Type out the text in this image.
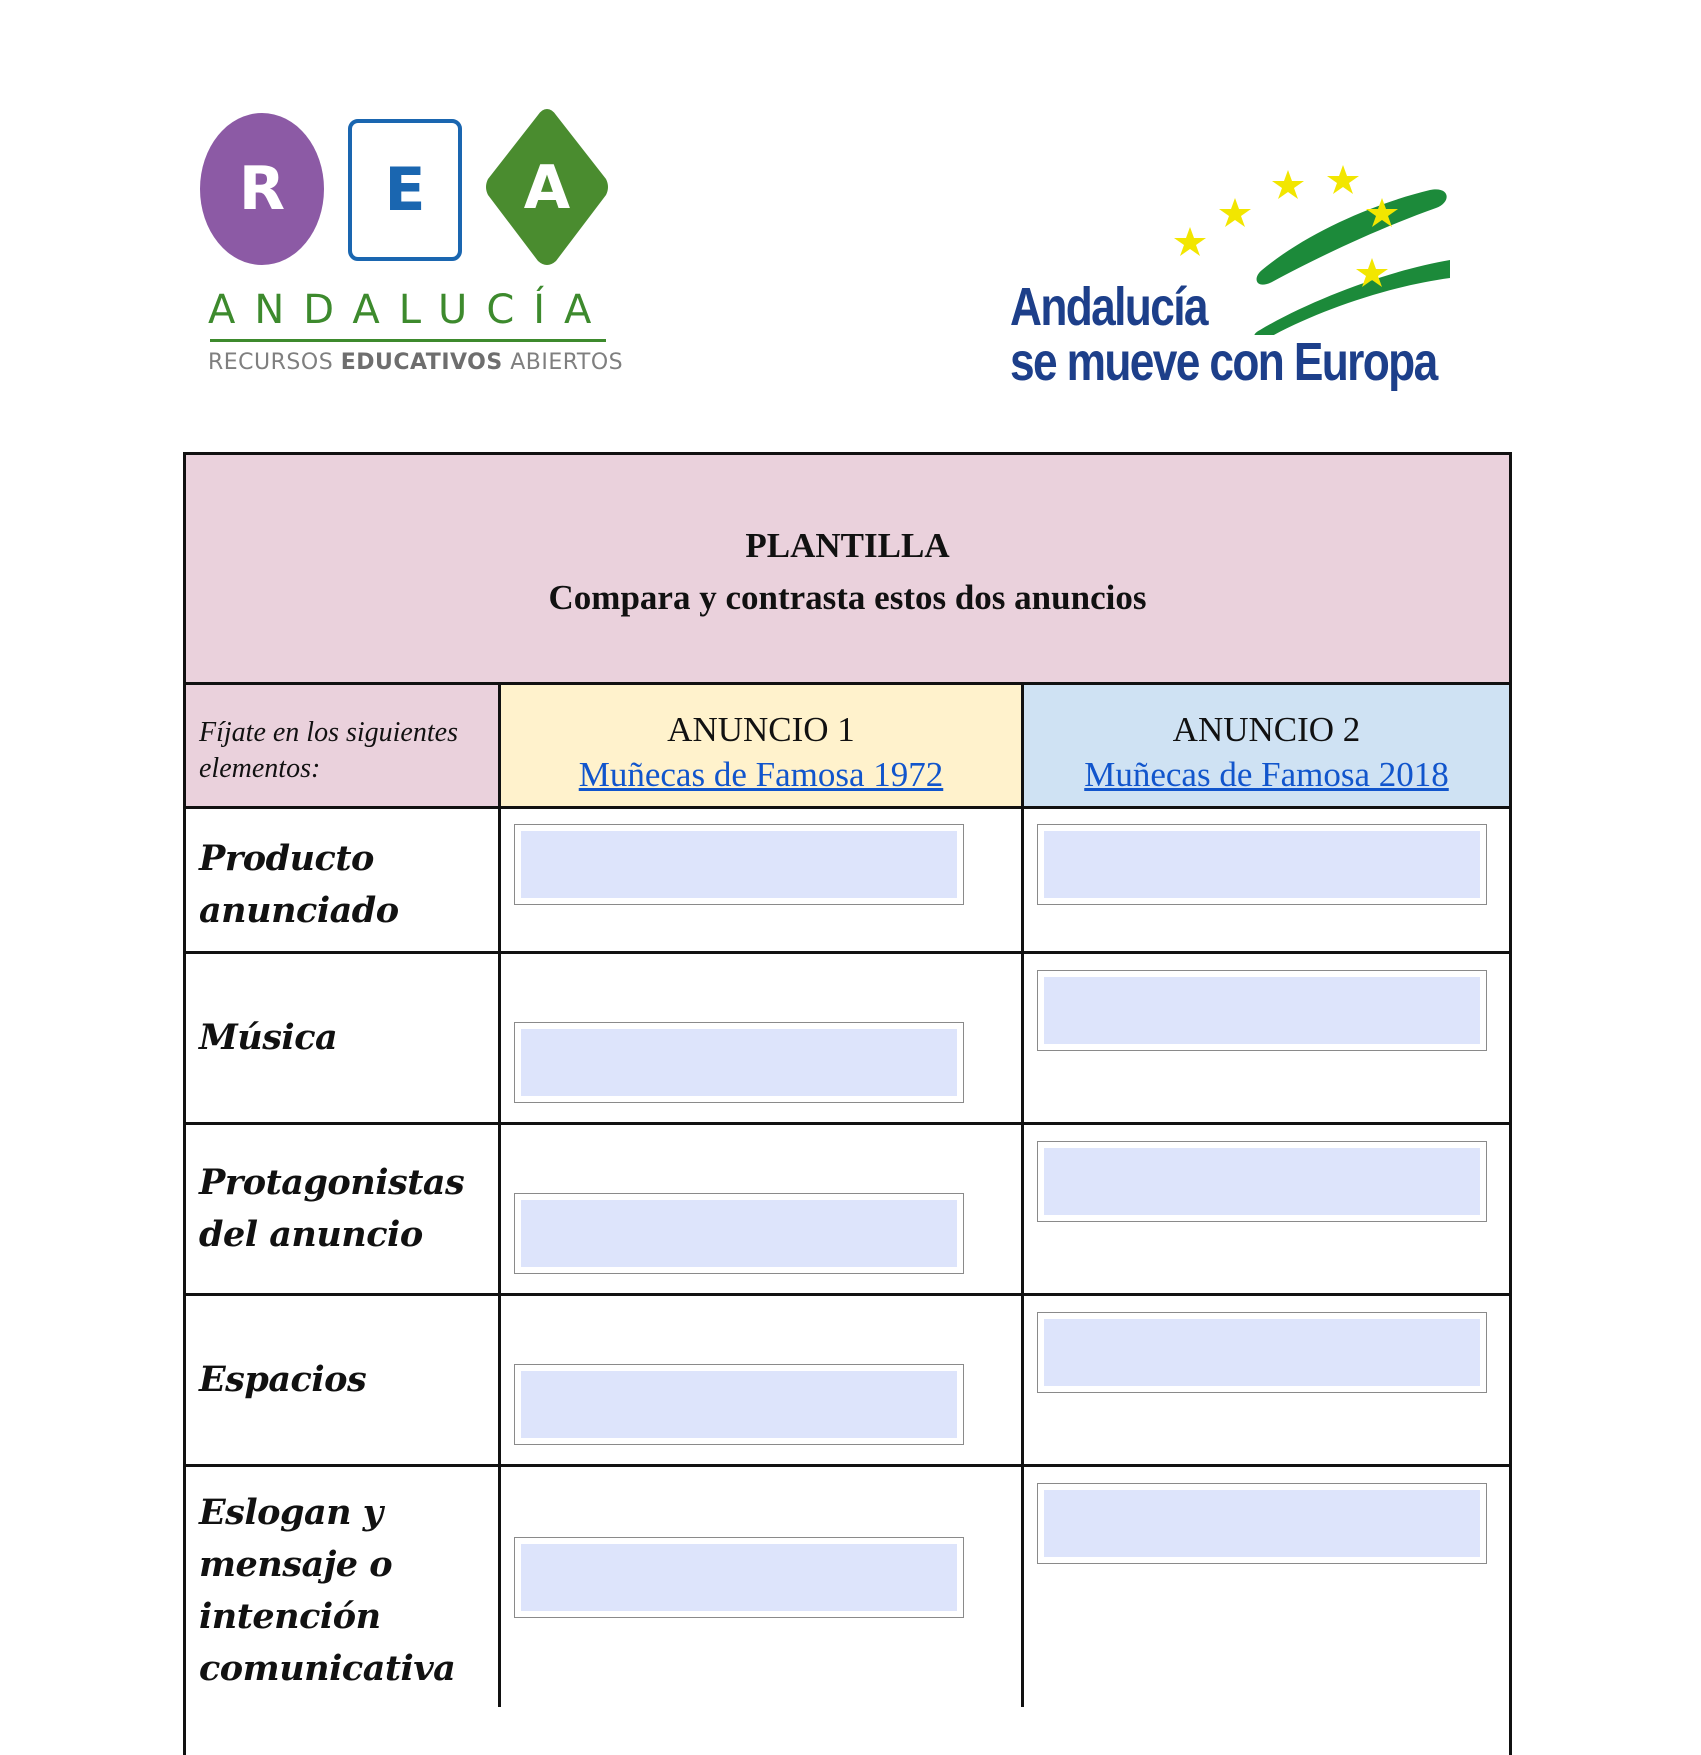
R	E	A
ANDALUCÍA
RECURSOS EDUCATIVOS ABIERTOS
Andalucía
se mueve con Europa
PLANTILLA
Compara y contrasta estos dos anuncios
Fíjate en los siguientes elementos:
ANUNCIO 1
Muñecas de Famosa 1972
ANUNCIO 2
Muñecas de Famosa 2018
Producto anunciado
Música
Protagonistas del anuncio
Espacios
Eslogan y mensaje o intención comunicativa
